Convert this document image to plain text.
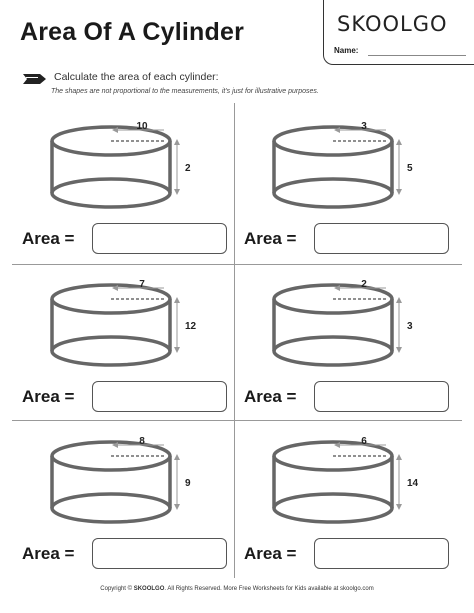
Area Of A Cylinder	SKOOLGO
Name:
Calculate the area of each cylinder:
The shapes are not proportional to the measurements, it's just for illustrative purposes.
10
2
Area =
3
5
Area =
7
12
Area =
2
3
Area =
8
9
Area =
6
14
Area =
Copyright © SKOOLGO. All Rights Reserved. More Free Worksheets for Kids available at skoolgo.com
